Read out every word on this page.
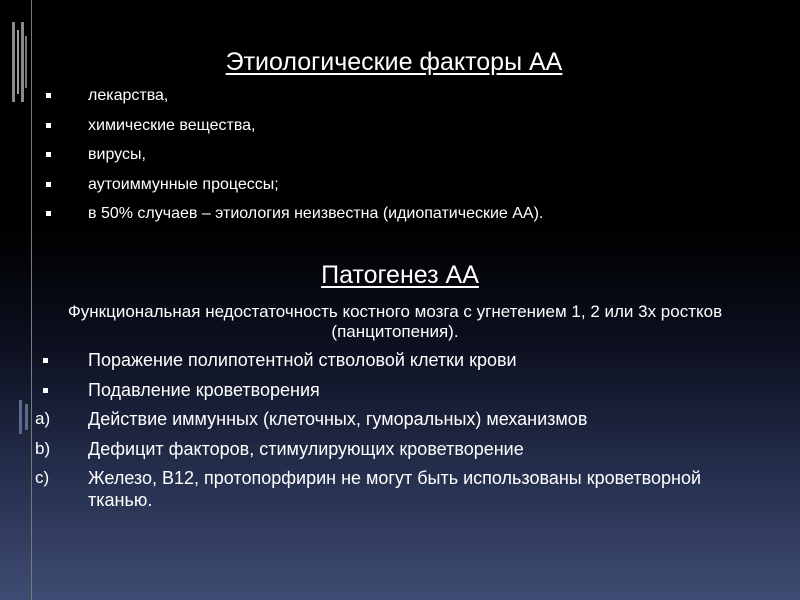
Этиологические факторы АА
лекарства,
химические вещества,
вирусы,
аутоиммунные процессы;
в 50% случаев – этиология неизвестна (идиопатические АА).
Патогенез АА
Функциональная недостаточность костного мозга с угнетением 1, 2 или 3х ростков (панцитопения).
Поражение полипотентной стволовой клетки крови
Подавление кроветворения
a) Действие иммунных (клеточных, гуморальных) механизмов
b) Дефицит факторов, стимулирующих кроветворение
c) Железо, В12, протопорфирин не могут быть использованы кроветворной тканью.
